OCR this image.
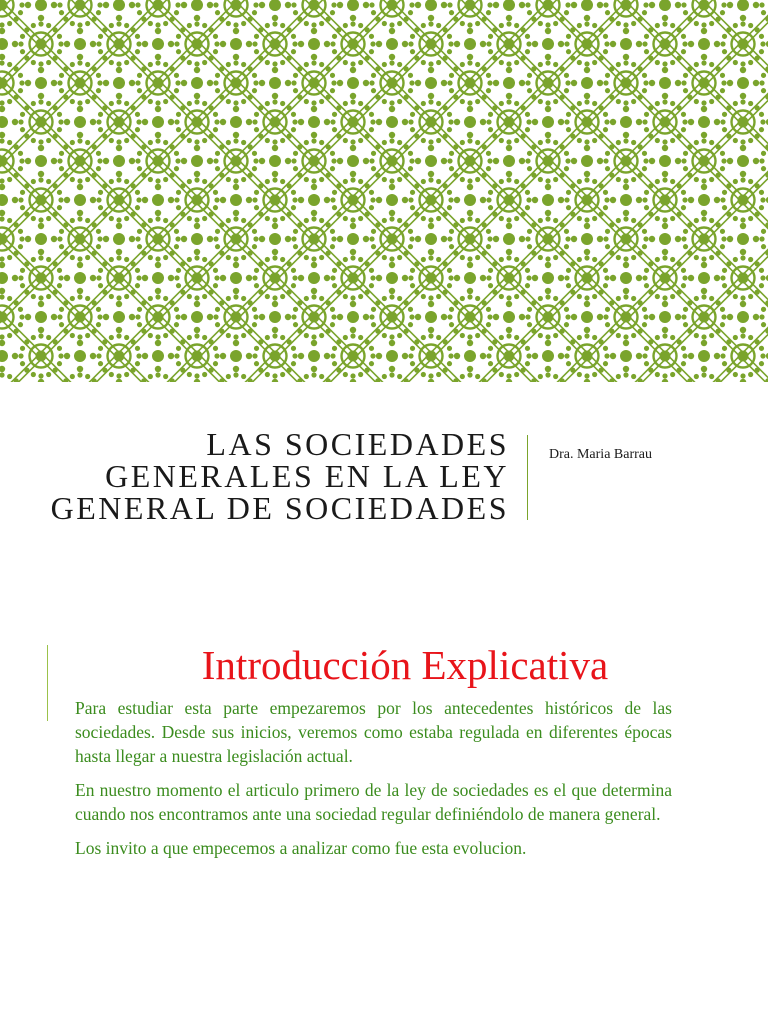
LAS SOCIEDADES
GENERALES EN LA LEY
GENERAL DE SOCIEDADES
Dra. Maria Barrau
Introducción Explicativa

Para estudiar esta parte empezaremos por los antecedentes históricos de las sociedades. Desde sus inicios, veremos como estaba regulada en diferentes épocas hasta llegar a nuestra legislación actual.

En nuestro momento el articulo primero de la ley de sociedades es el que determina cuando nos encontramos ante una sociedad regular definiéndolo de manera general.

Los invito a que empecemos a analizar como fue esta evolucion.
